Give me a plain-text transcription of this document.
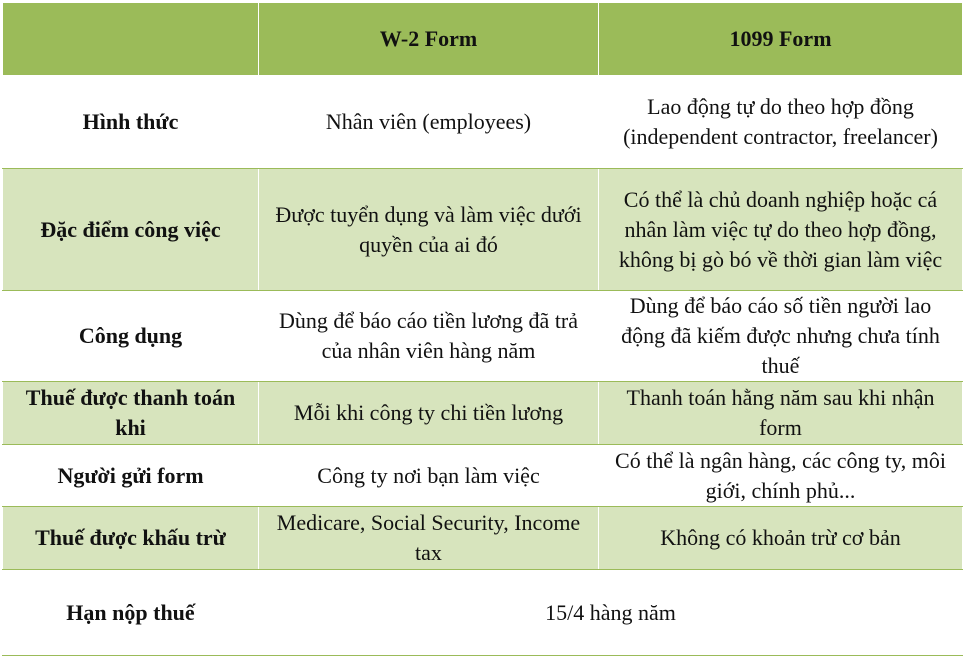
	W-2 Form	1099 Form
Hình thức	Nhân viên (employees)	Lao động tự do theo hợp đồng (independent contractor, freelancer)
Đặc điểm công việc	Được tuyển dụng và làm việc dưới quyền của ai đó	Có thể là chủ doanh nghiệp hoặc cá nhân làm việc tự do theo hợp đồng, không bị gò bó về thời gian làm việc
Công dụng	Dùng để báo cáo tiền lương đã trả của nhân viên hàng năm	Dùng để báo cáo số tiền người lao động đã kiếm được nhưng chưa tính thuế
Thuế được thanh toán khi	Mỗi khi công ty chi tiền lương	Thanh toán hằng năm sau khi nhận form
Người gửi form	Công ty nơi bạn làm việc	Có thể là ngân hàng, các công ty, môi giới, chính phủ...
Thuế được khấu trừ	Medicare, Social Security, Income tax	Không có khoản trừ cơ bản
Hạn nộp thuế	15/4 hàng năm	
